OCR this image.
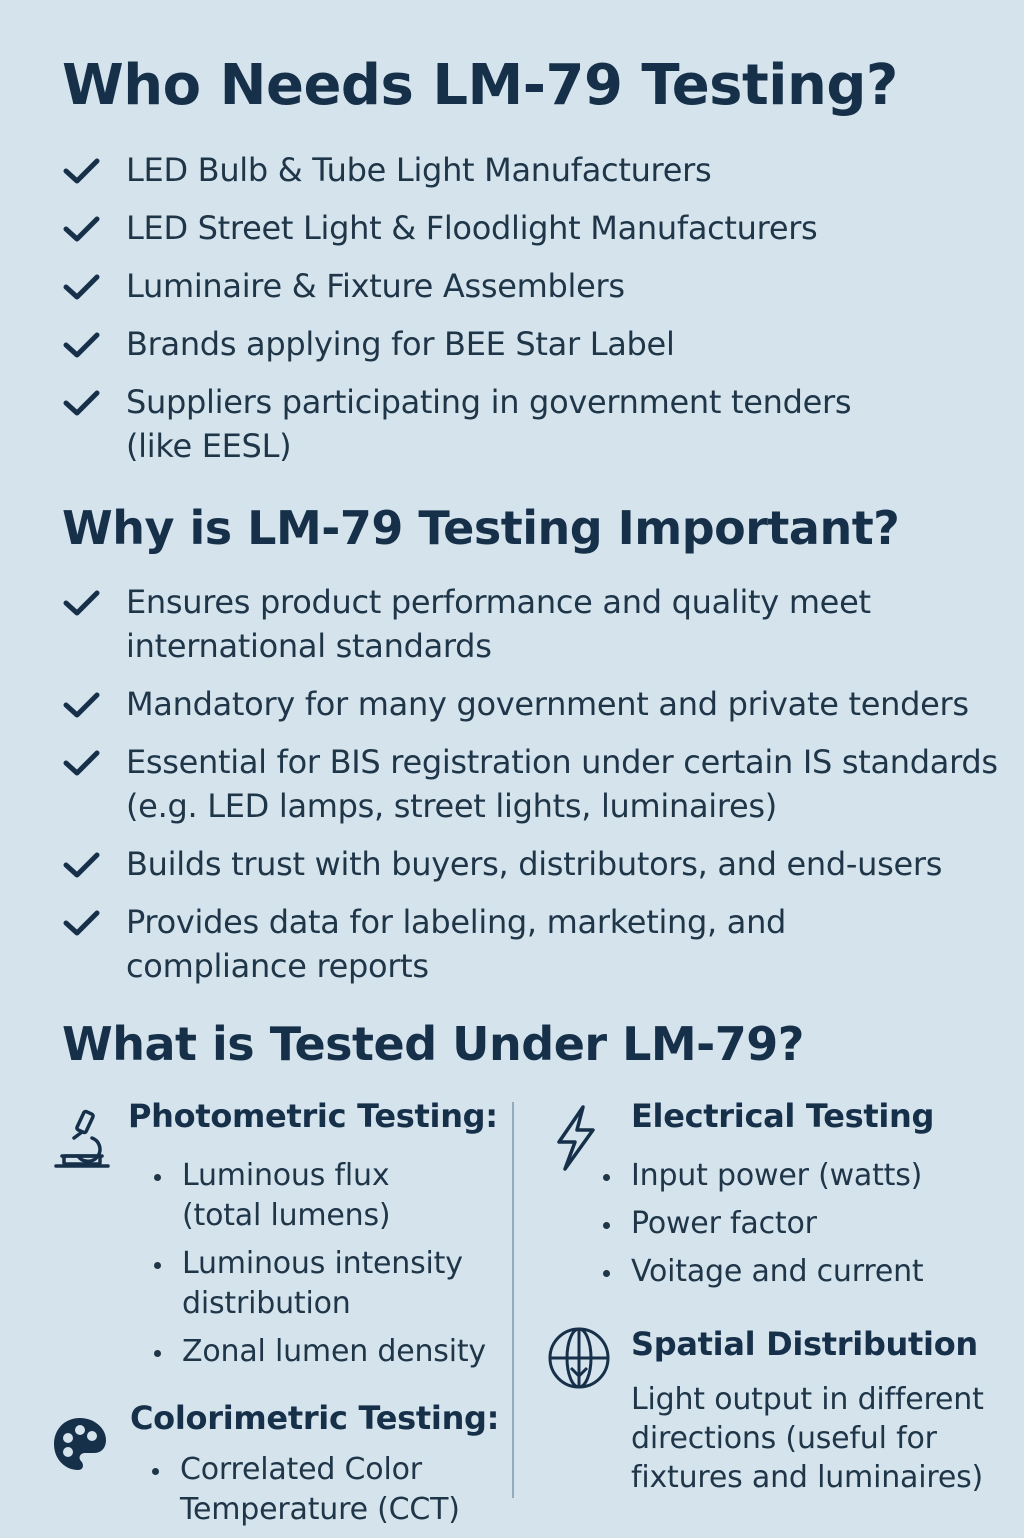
Who Needs LM-79 Testing?
LED Bulb & Tube Light Manufacturers
LED Street Light & Floodlight Manufacturers
Luminaire & Fixture Assemblers
Brands applying for BEE Star Label
Suppliers participating in government tenders (like EESL)
Why is LM-79 Testing Important?
Ensures product performance and quality meet international standards
Mandatory for many government and private tenders
Essential for BIS registration under certain IS standards (e.g. LED lamps, street lights, luminaires)
Builds trust with buyers, distributors, and end-users
Provides data for labeling, marketing, and compliance reports
What is Tested Under LM-79?
Photometric Testing:
Luminous flux (total lumens)
Luminous intensity distribution
Zonal lumen density
Colorimetric Testing:
Correlated Color Temperature (CCT)
Electrical Testing
Input power (watts)
Power factor
Voitage and current
Spatial Distribution
Light output in different directions (useful for fixtures and luminaires)
